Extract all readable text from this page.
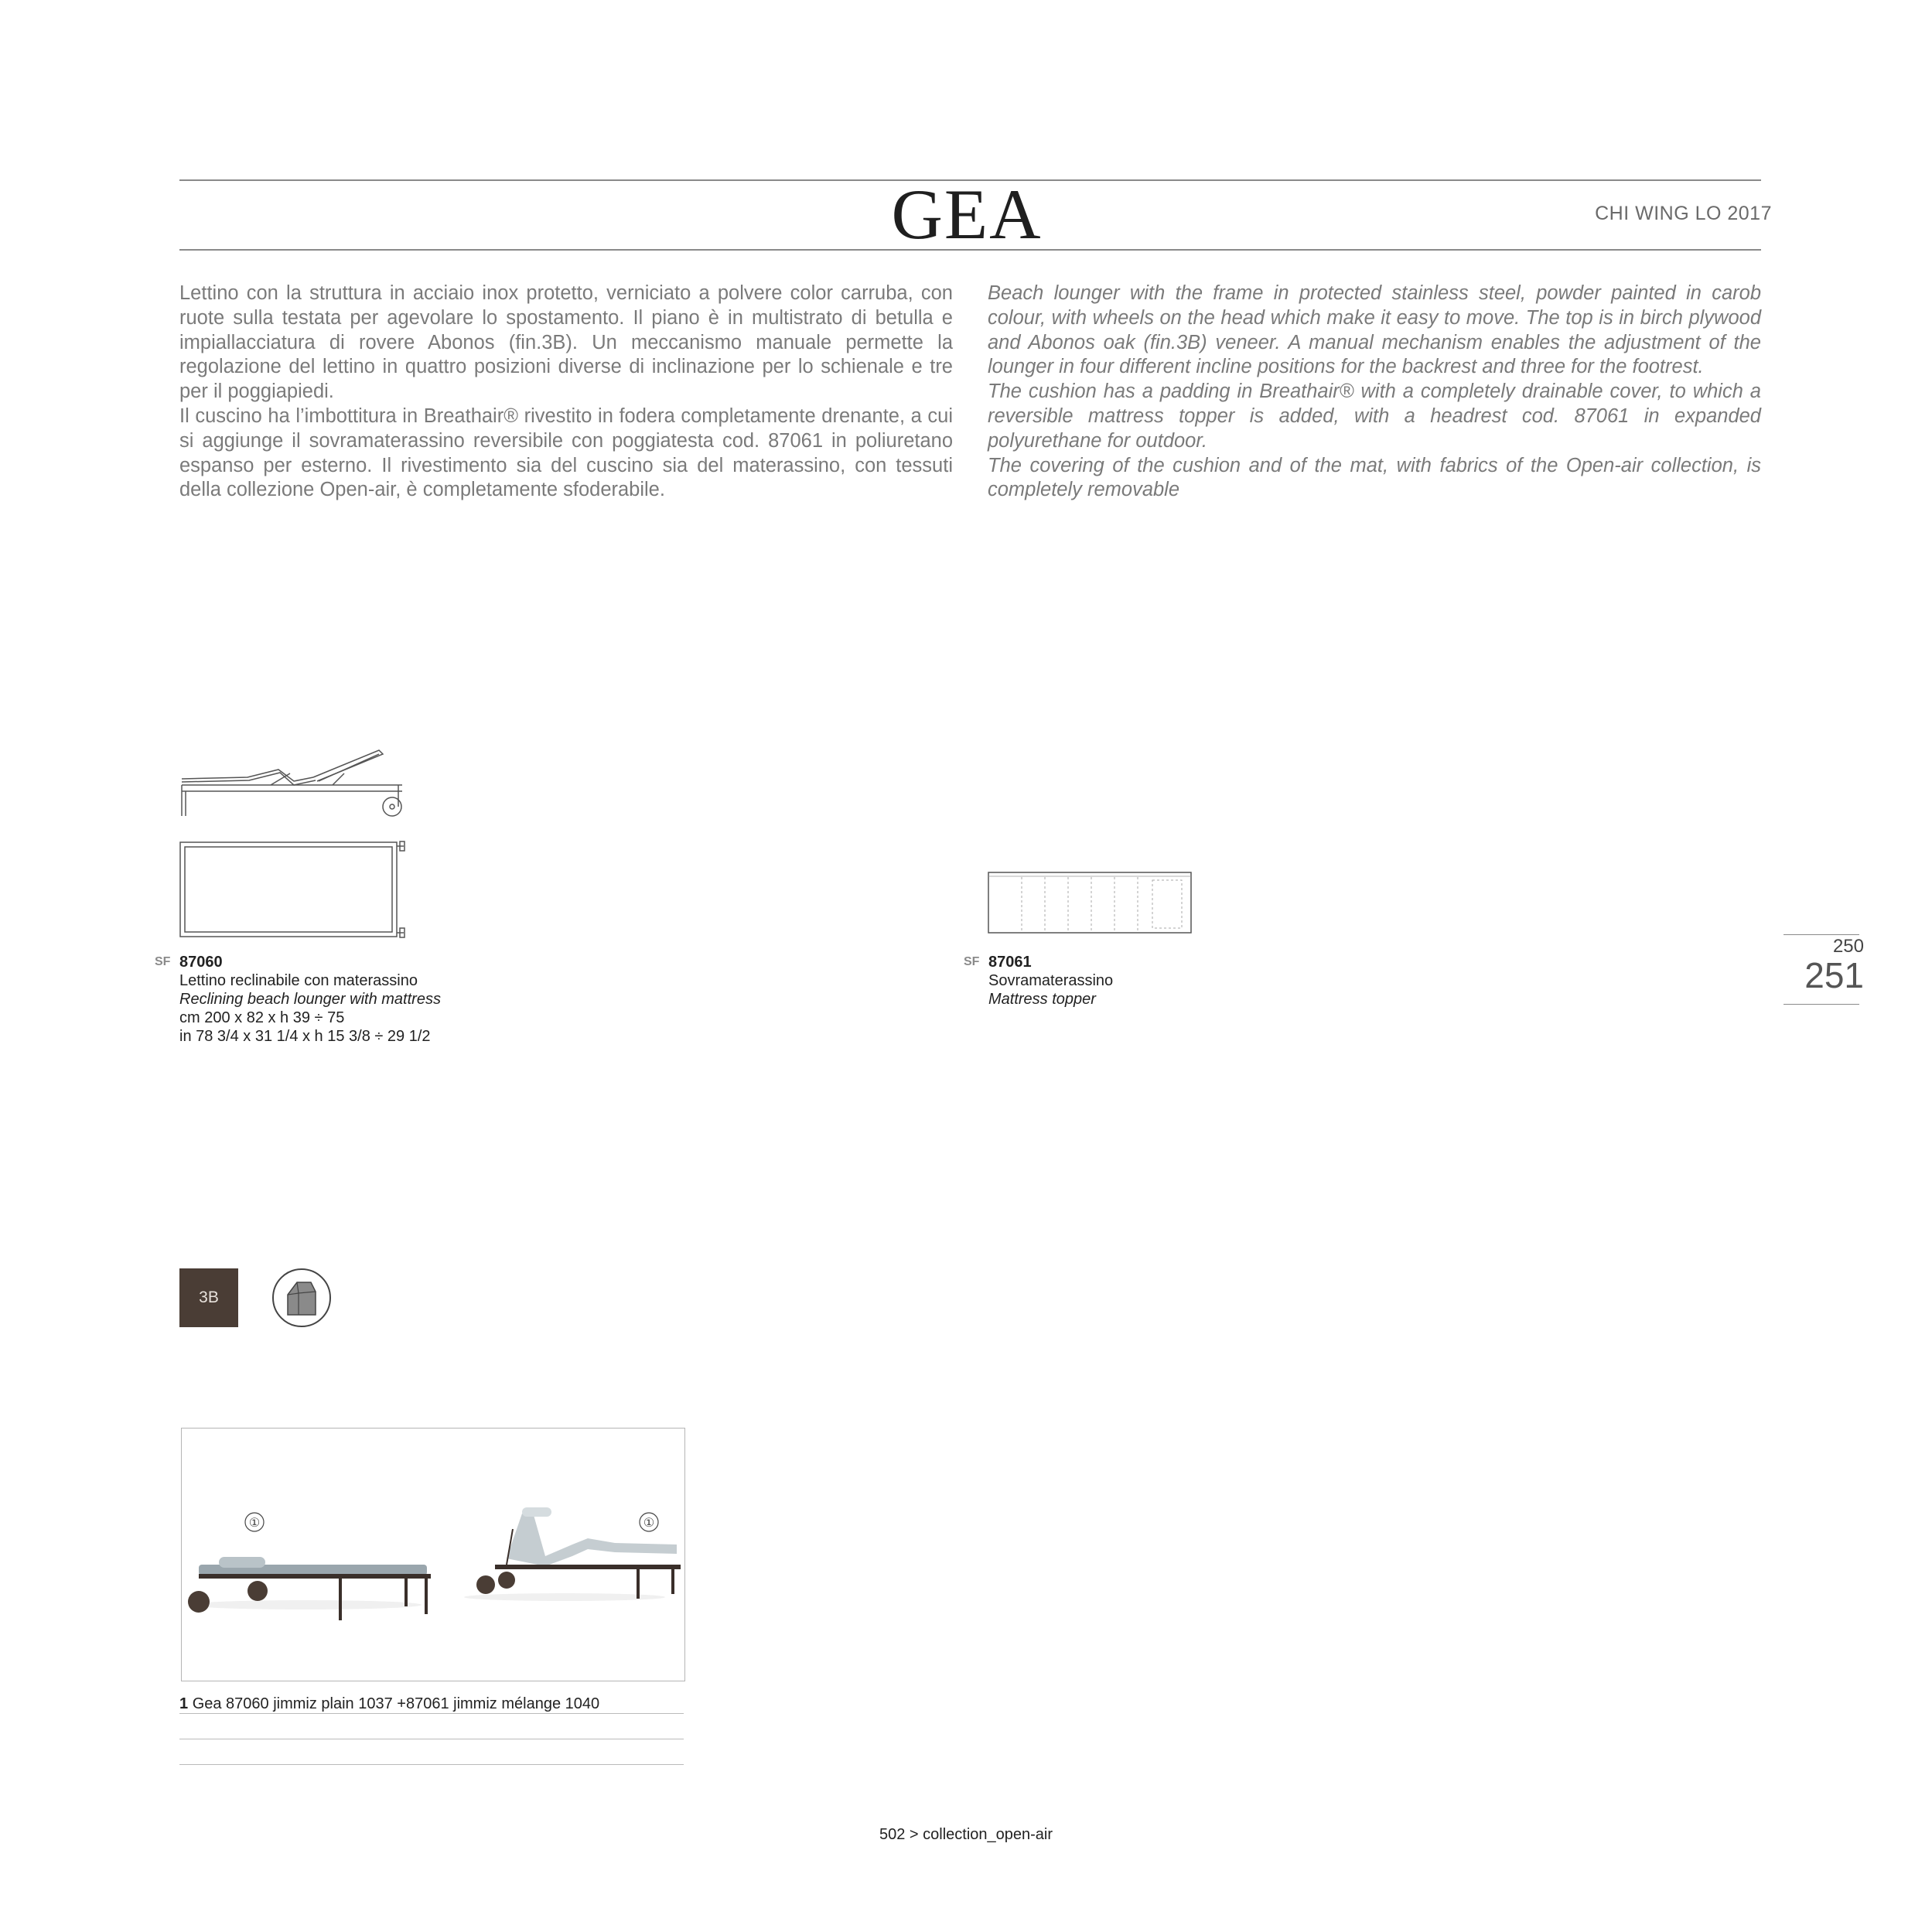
GEA	CHI WING LO 2017

Lettino con la struttura in acciaio inox protetto, verniciato a polvere color carruba, con ruote sulla testata per agevolare lo spostamento. Il piano è in multistrato di betulla e impiallacciatura di rovere Abonos (fin.3B). Un meccanismo manuale permette la regolazione del lettino in quattro posizioni diverse di inclinazione per lo schienale e tre per il poggiapiedi.

Il cuscino ha l’imbottitura in Breathair® rivestito in fodera completamente drenante, a cui si aggiunge il sovramaterassino reversibile con poggiatesta cod. 87061 in poliuretano espanso per esterno. Il rivestimento sia del cuscino sia del materassino, con tessuti della collezione Open-air, è completamente sfoderabile.

Beach lounger with the frame in protected stainless steel, powder painted in carob colour, with wheels on the head which make it easy to move. The top is in birch plywood and Abonos oak (fin.3B) veneer. A manual mechanism enables the adjustment of the lounger in four different incline positions for the backrest and three for the footrest.

The cushion has a padding in Breathair® with a completely drainable cover, to which a reversible mattress topper is added, with a headrest cod. 87061 in expanded polyurethane for outdoor.

The covering of the cushion and of the mat, with fabrics of the Open-air collection, is completely removable

SF 87060
Lettino reclinabile con materassino
Reclining beach lounger with mattress
cm 200 x 82 x h 39 ÷ 75
in 78 3/4 x 31 1/4 x h 15 3/8 ÷ 29 1/2
SF 87061
Sovramaterassino
Mattress topper
250
251
3B
①	①
1 Gea 87060 jimmiz plain 1037 +87061 jimmiz mélange 1040
502 > collection_open-air
